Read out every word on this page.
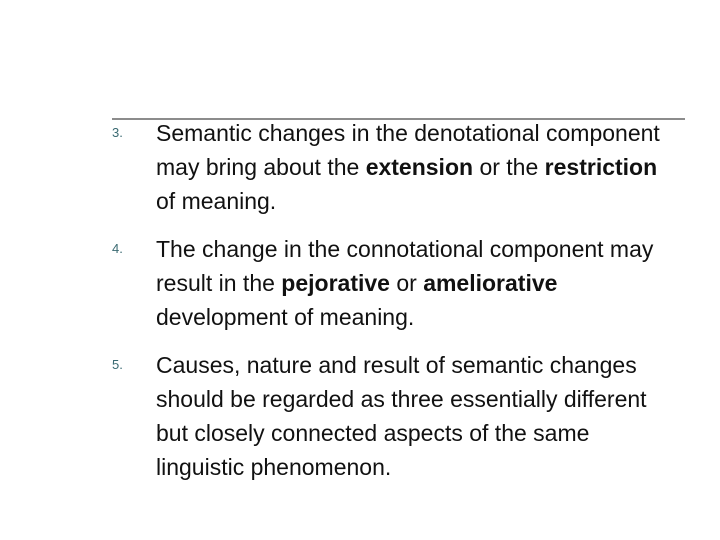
3.	Semantic changes in the denotational component may bring about the extension or the restriction of meaning.
4.	The change in the connotational component may result in the pejorative or ameliorative development of meaning.
5.	Causes, nature and result of semantic changes should be regarded as three essentially different but closely connected aspects of the same linguistic phenomenon.
